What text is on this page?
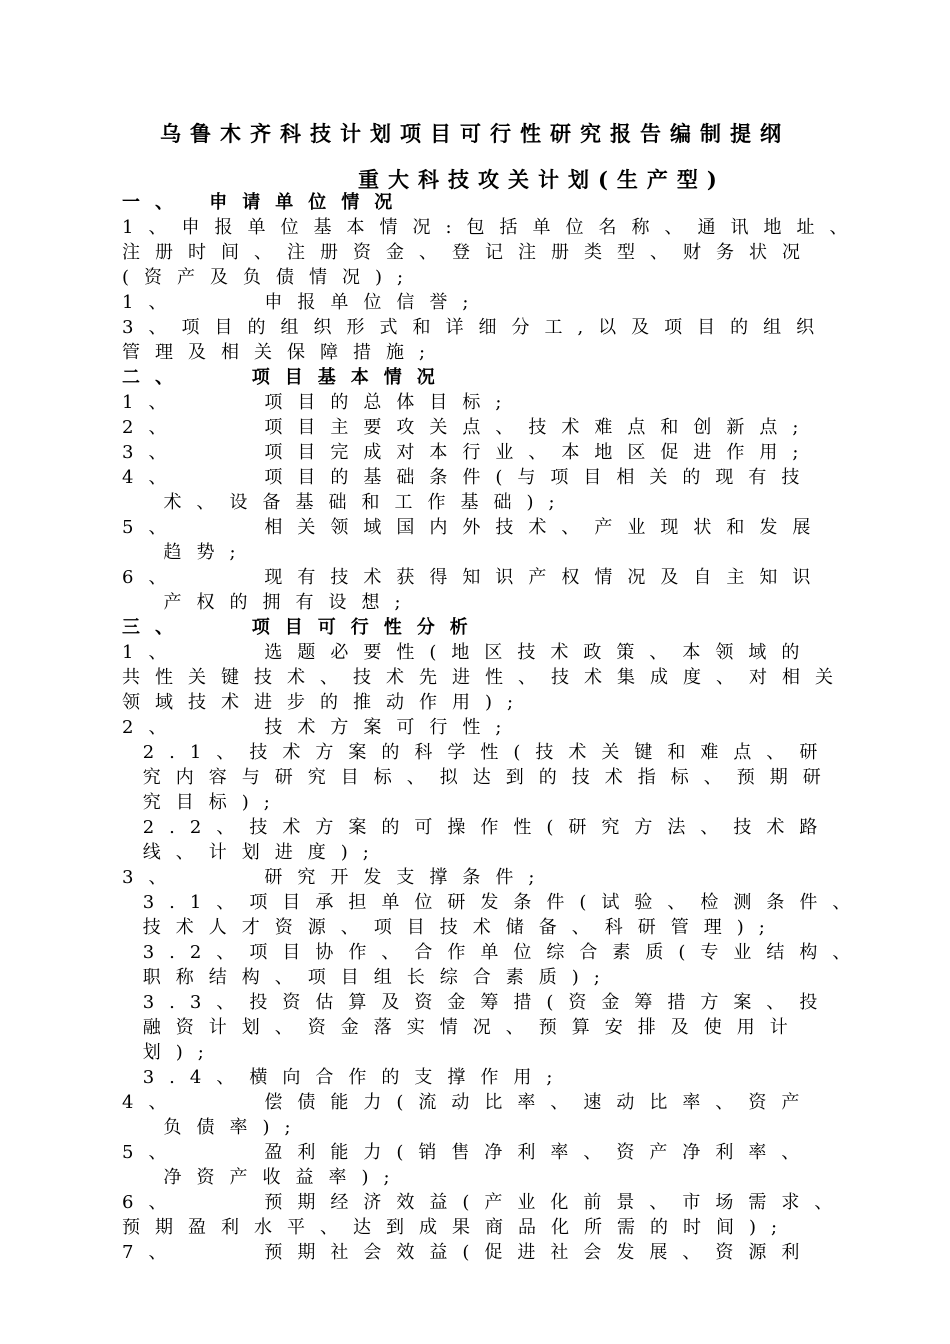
乌鲁木齐科技计划项目可行性研究报告编制提纲
重大科技攻关计划(生产型)
一、 申请单位情况
1、申报单位基本情况:包括单位名称、通讯地址、
注册时间、注册资金、登记注册类型、财务状况
(资产及负债情况);
1、    申报单位信誉;
3、项目的组织形式和详细分工,以及项目的组织
管理及相关保障措施;
二、   项目基本情况
1、    项目的总体目标;
2、    项目主要攻关点、技术难点和创新点;
3、    项目完成对本行业、本地区促进作用;
4、    项目的基础条件(与项目相关的现有技
术、设备基础和工作基础);
5、    相关领域国内外技术、产业现状和发展
趋势;
6、    现有技术获得知识产权情况及自主知识
产权的拥有设想;
三、   项目可行性分析
1、    选题必要性(地区技术政策、本领域的
共性关键技术、技术先进性、技术集成度、对相关
领域技术进步的推动作用);
2、    技术方案可行性;
2.1、技术方案的科学性(技术关键和难点、研
究内容与研究目标、拟达到的技术指标、预期研
究目标);
2.2、技术方案的可操作性(研究方法、技术路
线、计划进度);
3、    研究开发支撑条件;
3.1、项目承担单位研发条件(试验、检测条件、
技术人才资源、项目技术储备、科研管理);
3.2、项目协作、合作单位综合素质(专业结构、
职称结构、项目组长综合素质);
3.3、投资估算及资金筹措(资金筹措方案、投
融资计划、资金落实情况、预算安排及使用计
划);
3.4、横向合作的支撑作用;
4、    偿债能力(流动比率、速动比率、资产
负债率);
5、    盈利能力(销售净利率、资产净利率、
净资产收益率);
6、    预期经济效益(产业化前景、市场需求、
预期盈利水平、达到成果商品化所需的时间);
7、    预期社会效益(促进社会发展、资源利
